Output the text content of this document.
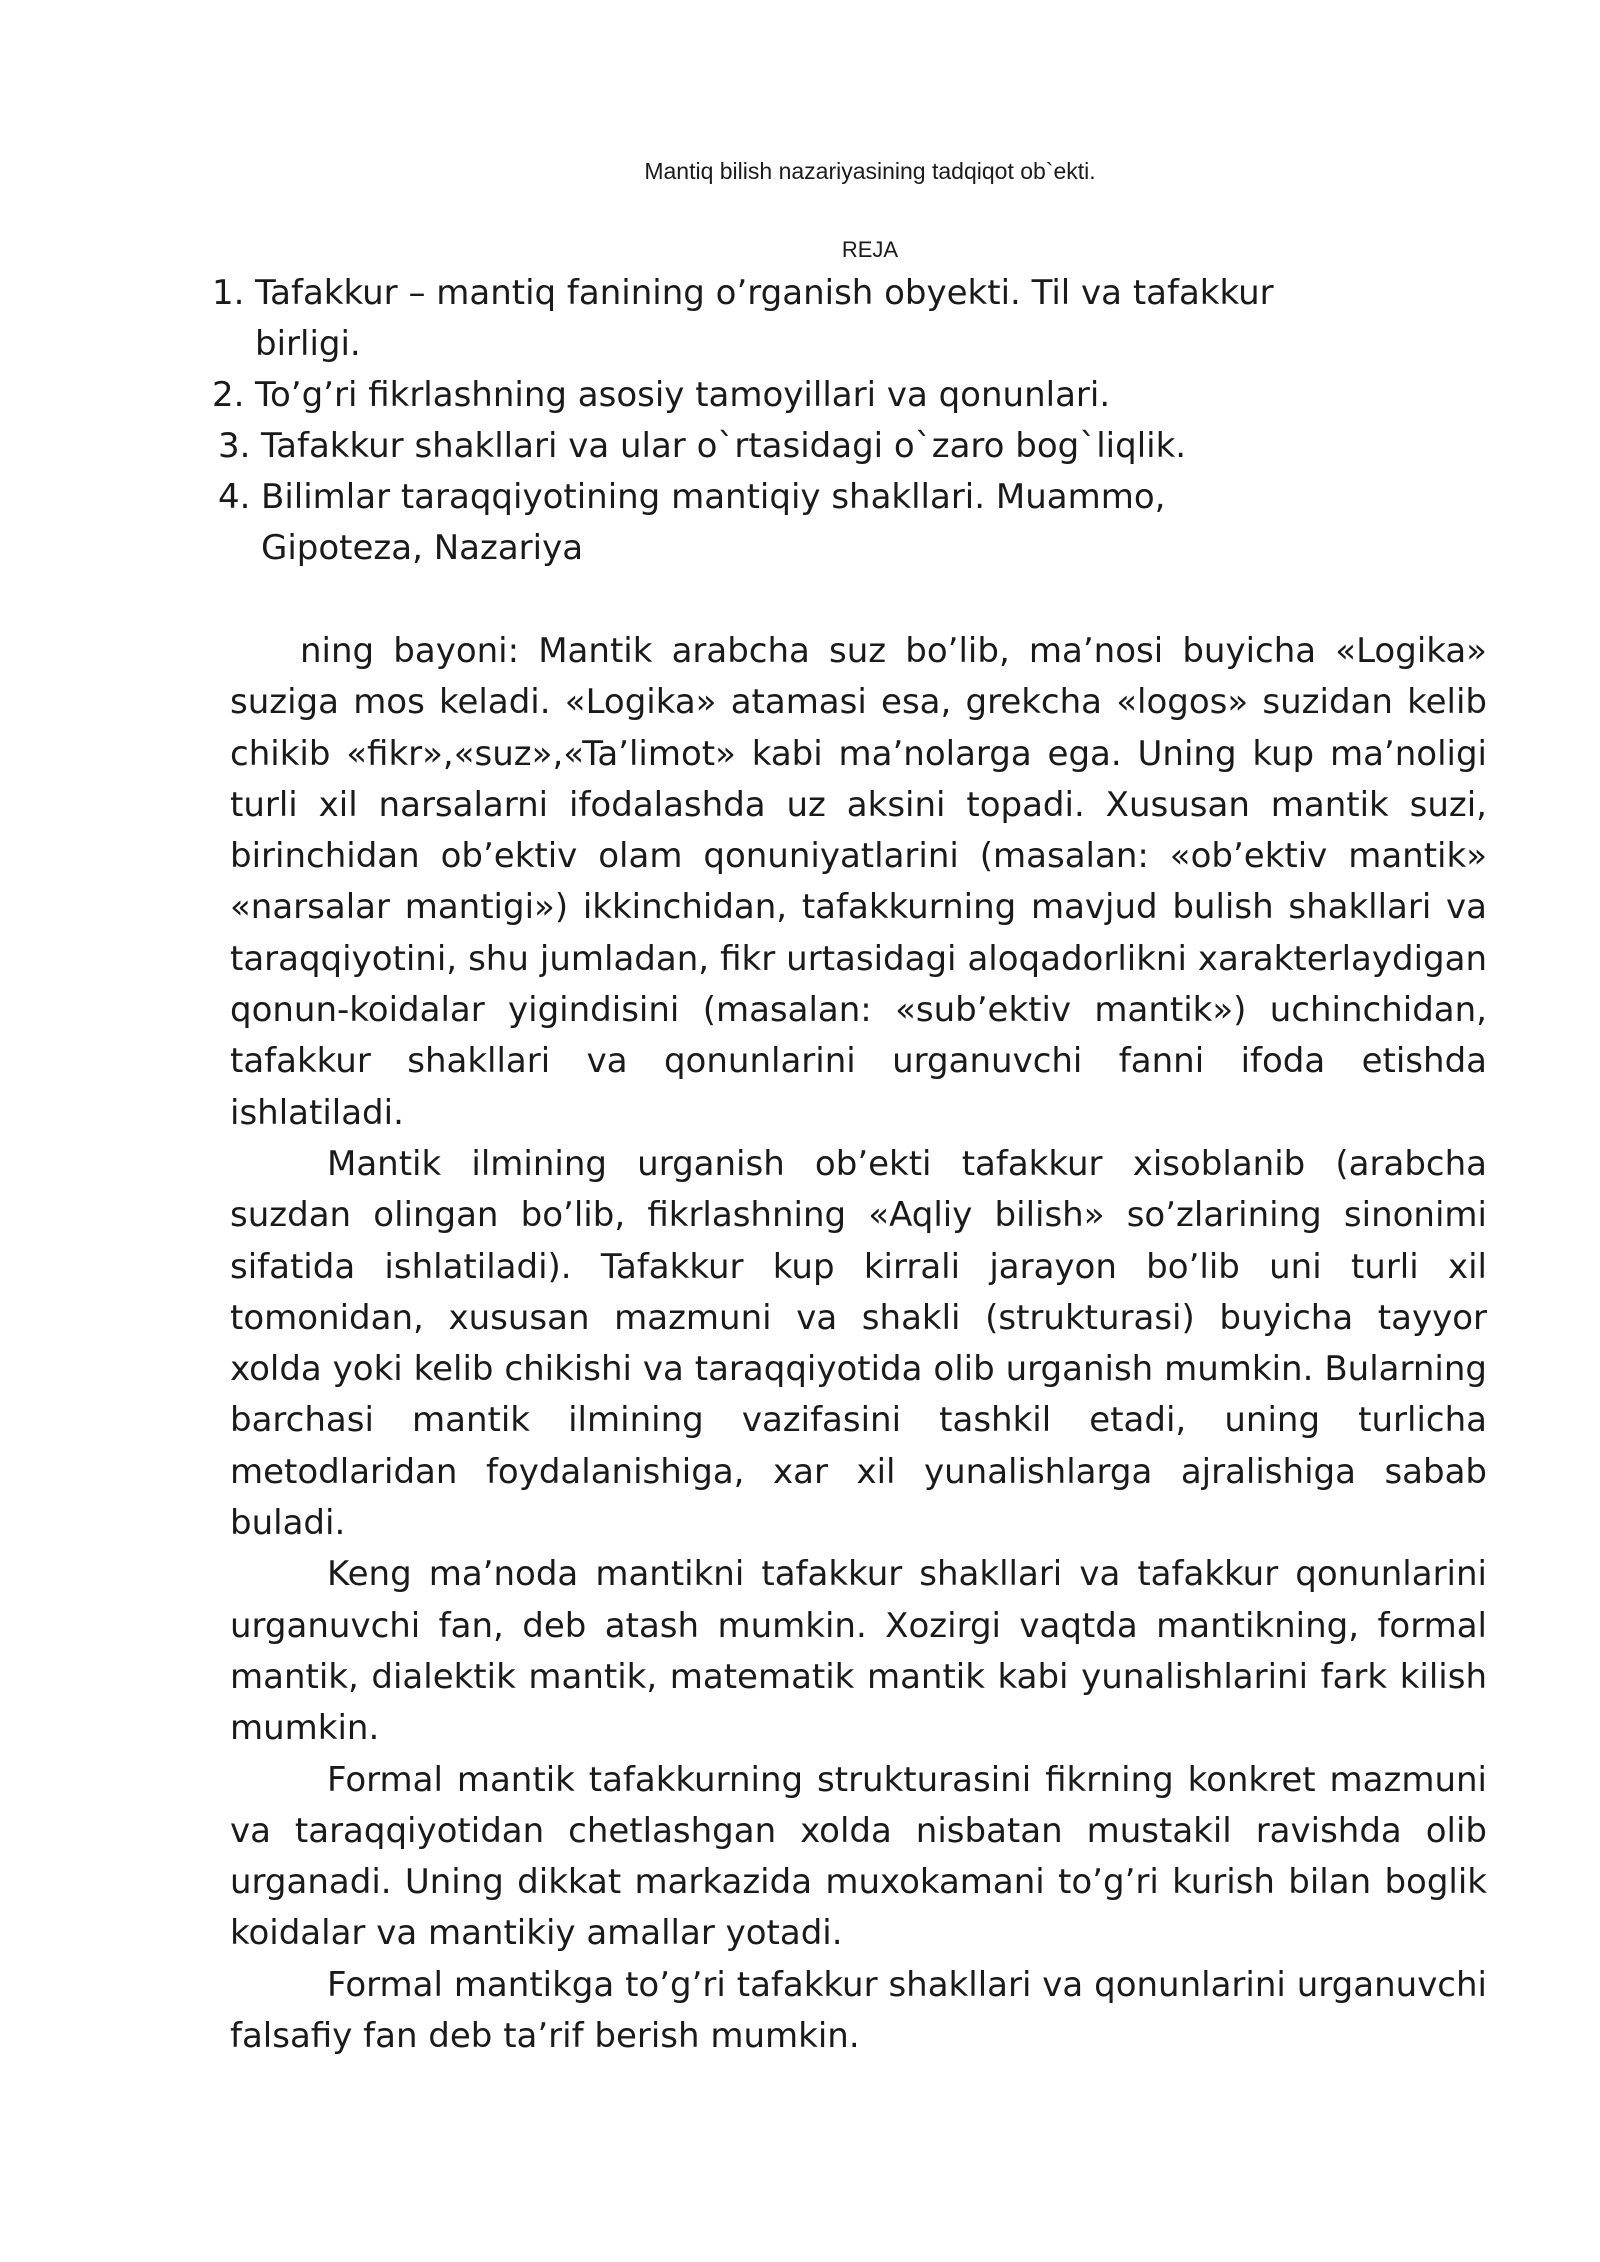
Mantiq bilish nazariyasining tadqiqot ob`ekti.
REJA
1. Tafakkur – mantiq fanining o’rganish obyekti. Til va tafakkur birligi.
2. To’g’ri fikrlashning asosiy tamoyillari va qonunlari.
3. Tafakkur shakllari va ular o`rtasidagi o`zaro bog`liqlik.
4. Bilimlar taraqqiyotining mantiqiy shakllari. Muammo, Gipoteza, Nazariya

ning bayoni: Mantik arabcha suz bo’lib, ma’nosi buyicha «Logika» suziga mos keladi. «Logika» atamasi esa, grekcha «logos» suzidan kelib chikib «fikr»,«suz»,«Ta’limot» kabi ma’nolarga ega. Uning kup ma’noligi turli xil narsalarni ifodalashda uz aksini topadi. Xususan mantik suzi, birinchidan ob’ektiv olam qonuniyatlarini (masalan: «ob’ektiv mantik» «narsalar mantigi») ikkinchidan, tafakkurning mavjud bulish shakllari va taraqqiyotini, shu jumladan, fikr urtasidagi aloqadorlikni xarakterlaydigan qonun-koidalar yigindisini (masalan: «sub’ektiv mantik») uchinchidan, tafakkur shakllari va qonunlarini urganuvchi fanni ifoda etishda ishlatiladi.

Mantik ilmining urganish ob’ekti tafakkur xisoblanib (arabcha suzdan olingan bo’lib, fikrlashning «Aqliy bilish» so’zlarining sinonimi sifatida ishlatiladi). Tafakkur kup kirrali jarayon bo’lib uni turli xil tomonidan, xususan mazmuni va shakli (strukturasi) buyicha tayyor xolda yoki kelib chikishi va taraqqiyotida olib urganish mumkin. Bularning barchasi mantik ilmining vazifasini tashkil etadi, uning turlicha metodlaridan foydalanishiga, xar xil yunalishlarga ajralishiga sabab buladi.

Keng ma’noda mantikni tafakkur shakllari va tafakkur qonunlarini urganuvchi fan, deb atash mumkin. Xozirgi vaqtda mantikning, formal mantik, dialektik mantik, matematik mantik kabi yunalishlarini fark kilish mumkin.

Formal mantik tafakkurning strukturasini fikrning konkret mazmuni va taraqqiyotidan chetlashgan xolda nisbatan mustakil ravishda olib urganadi. Uning dikkat markazida muxokamani to’g’ri kurish bilan boglik koidalar va mantikiy amallar yotadi.

Formal mantikga to’g’ri tafakkur shakllari va qonunlarini urganuvchi falsafiy fan deb ta’rif berish mumkin.
